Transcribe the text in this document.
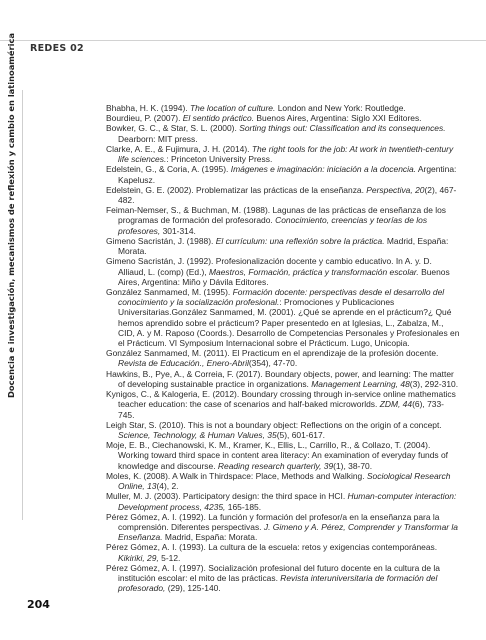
REDES 02
Docencia e investigación, mecanismos de reflexión y cambio en latinoamérica	Bhabha, H. K. (1994). The location of culture. London and New York: Routledge.

Bourdieu, P. (2007). El sentido práctico. Buenos Aires, Argentina: Siglo XXI Editores.

Bowker, G. C., & Star, S. L. (2000). Sorting things out: Classification and its consequences. Dearborn: MIT press.

Clarke, A. E., & Fujimura, J. H. (2014). The right tools for the job: At work in twentieth-century life sciences.: Princeton University Press.

Edelstein, G., & Coria, A. (1995). Imágenes e imaginación: iniciación a la docencia. Argentina: Kapelusz.

Edelstein, G. E. (2002). Problematizar las prácticas de la enseñanza. Perspectiva, 20(2), 467-482.

Feiman-Nemser, S., & Buchman, M. (1988). Lagunas de las prácticas de enseñanza de los programas de formación del profesorado. Conocimiento, creencias y teorías de los profesores, 301-314.

Gimeno Sacristán, J. (1988). El currículum: una reflexión sobre la práctica. Madrid, España: Morata.

Gimeno Sacristán, J. (1992). Profesionalización docente y cambio educativo. In A. y. D. Alliaud, L. (comp) (Ed.), Maestros, Formación, práctica y transformación escolar. Buenos Aires, Argentina: Miño y Dávila Editores.

González Sanmamed, M. (1995). Formación docente: perspectivas desde el desarrollo del conocimiento y la socialización profesional.: Promociones y Publicaciones Universitarias.González Sanmamed, M. (2001). ¿Qué se aprende en el prácticum?¿ Qué hemos aprendido sobre el prácticum? Paper presentedo en at Iglesias, L., Zabalza, M., CID, A. y M. Raposo (Coords.). Desarrollo de Competencias Personales y Profesionales en el Prácticum. VI Symposium Internacional sobre el Prácticum. Lugo, Unicopia.

González Sanmamed, M. (2011). El Practicum en el aprendizaje de la profesión docente. Revista de Educación., Enero-Abril(354), 47-70.

Hawkins, B., Pye, A., & Correia, F. (2017). Boundary objects, power, and learning: The matter of developing sustainable practice in organizations. Management Learning, 48(3), 292-310.

Kynigos, C., & Kalogeria, E. (2012). Boundary crossing through in-service online mathematics teacher education: the case of scenarios and half-baked microworlds. ZDM, 44(6), 733-745.

Leigh Star, S. (2010). This is not a boundary object: Reflections on the origin of a concept. Science, Technology, & Human Values, 35(5), 601-617.

Moje, E. B., Ciechanowski, K. M., Kramer, K., Ellis, L., Carrillo, R., & Collazo, T. (2004). Working toward third space in content area literacy: An examination of everyday funds of knowledge and discourse. Reading research quarterly, 39(1), 38-70.

Moles, K. (2008). A Walk in Thirdspace: Place, Methods and Walking. Sociological Research Online, 13(4), 2.

Muller, M. J. (2003). Participatory design: the third space in HCI. Human-computer interaction: Development process, 4235, 165-185.

Pérez Gómez, A. I. (1992). La función y formación del profesor/a en la enseñanza para la comprensión. Diferentes perspectivas. J. Gimeno y A. Pérez, Comprender y Transformar la Enseñanza. Madrid, España: Morata.

Pérez Gómez, A. I. (1993). La cultura de la escuela: retos y exigencias contemporáneas. Kikiriki, 29, 5-12.

Pérez Gómez, A. I. (1997). Socialización profesional del futuro docente en la cultura de la institución escolar: el mito de las prácticas. Revista interuniversitaria de formación del profesorado, (29), 125-140.

204
